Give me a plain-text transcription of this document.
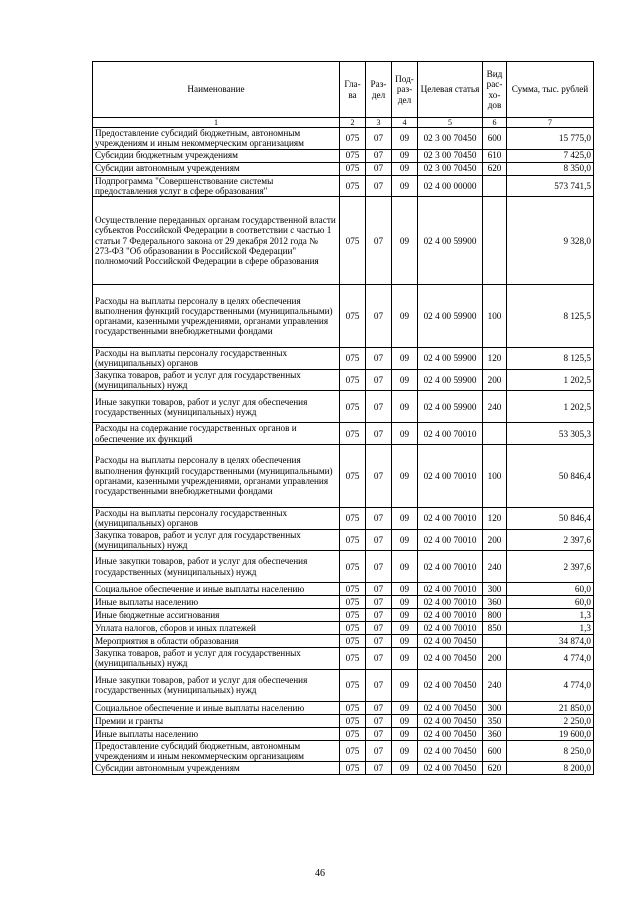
Наименование	Гла-ва	Раз-дел	Под-раз-дел	Целевая статья	Вид рас-хо-дов	Сумма, тыс. рублей
1	2	3	4	5	6	7
Предоставление субсидий бюджетным, автономным учреждениям и иным некоммерческим организациям	075	07	09	02 3 00 70450	600	15 775,0
Субсидии бюджетным учреждениям	075	07	09	02 3 00 70450	610	7 425,0
Субсидии автономным учреждениям	075	07	09	02 3 00 70450	620	8 350,0
Подпрограмма "Совершенствование системы предоставления услуг в сфере образования"	075	07	09	02 4 00 00000		573 741,5
Осуществление переданных органам государственной власти субъектов Российской Федерации в соответствии с частью 1 статьи 7 Федерального закона от 29 декабря 2012 года № 273-ФЗ "Об образовании в Российской Федерации" полномочий Российской Федерации в сфере образования	075	07	09	02 4 00 59900		9 328,0
Расходы на выплаты персоналу в целях обеспечения выполнения функций государственными (муниципальными) органами, казенными учреждениями, органами управления государственными внебюджетными фондами	075	07	09	02 4 00 59900	100	8 125,5
Расходы на выплаты персоналу государственных (муниципальных) органов	075	07	09	02 4 00 59900	120	8 125,5
Закупка товаров, работ и услуг для государственных (муниципальных) нужд	075	07	09	02 4 00 59900	200	1 202,5
Иные закупки товаров, работ и услуг для обеспечения государственных (муниципальных) нужд	075	07	09	02 4 00 59900	240	1 202,5
Расходы на содержание государственных органов и обеспечение их функций	075	07	09	02 4 00 70010		53 305,3
Расходы на выплаты персоналу в целях обеспечения выполнения функций государственными (муниципальными) органами, казенными учреждениями, органами управления государственными внебюджетными фондами	075	07	09	02 4 00 70010	100	50 846,4
Расходы на выплаты персоналу государственных (муниципальных) органов	075	07	09	02 4 00 70010	120	50 846,4
Закупка товаров, работ и услуг для государственных (муниципальных) нужд	075	07	09	02 4 00 70010	200	2 397,6
Иные закупки товаров, работ и услуг для обеспечения государственных (муниципальных) нужд	075	07	09	02 4 00 70010	240	2 397,6
Социальное обеспечение и иные выплаты населению	075	07	09	02 4 00 70010	300	60,0
Иные выплаты населению	075	07	09	02 4 00 70010	360	60,0
Иные бюджетные ассигнования	075	07	09	02 4 00 70010	800	1,3
Уплата налогов, сборов и иных платежей	075	07	09	02 4 00 70010	850	1,3
Мероприятия в области образования	075	07	09	02 4 00 70450		34 874,0
Закупка товаров, работ и услуг для государственных (муниципальных) нужд	075	07	09	02 4 00 70450	200	4 774,0
Иные закупки товаров, работ и услуг для обеспечения государственных (муниципальных) нужд	075	07	09	02 4 00 70450	240	4 774,0
Социальное обеспечение и иные выплаты населению	075	07	09	02 4 00 70450	300	21 850,0
Премии и гранты	075	07	09	02 4 00 70450	350	2 250,0
Иные выплаты населению	075	07	09	02 4 00 70450	360	19 600,0
Предоставление субсидий бюджетным, автономным учреждениям и иным некоммерческим организациям	075	07	09	02 4 00 70450	600	8 250,0
Субсидии автономным учреждениям	075	07	09	02 4 00 70450	620	8 200,0
46
